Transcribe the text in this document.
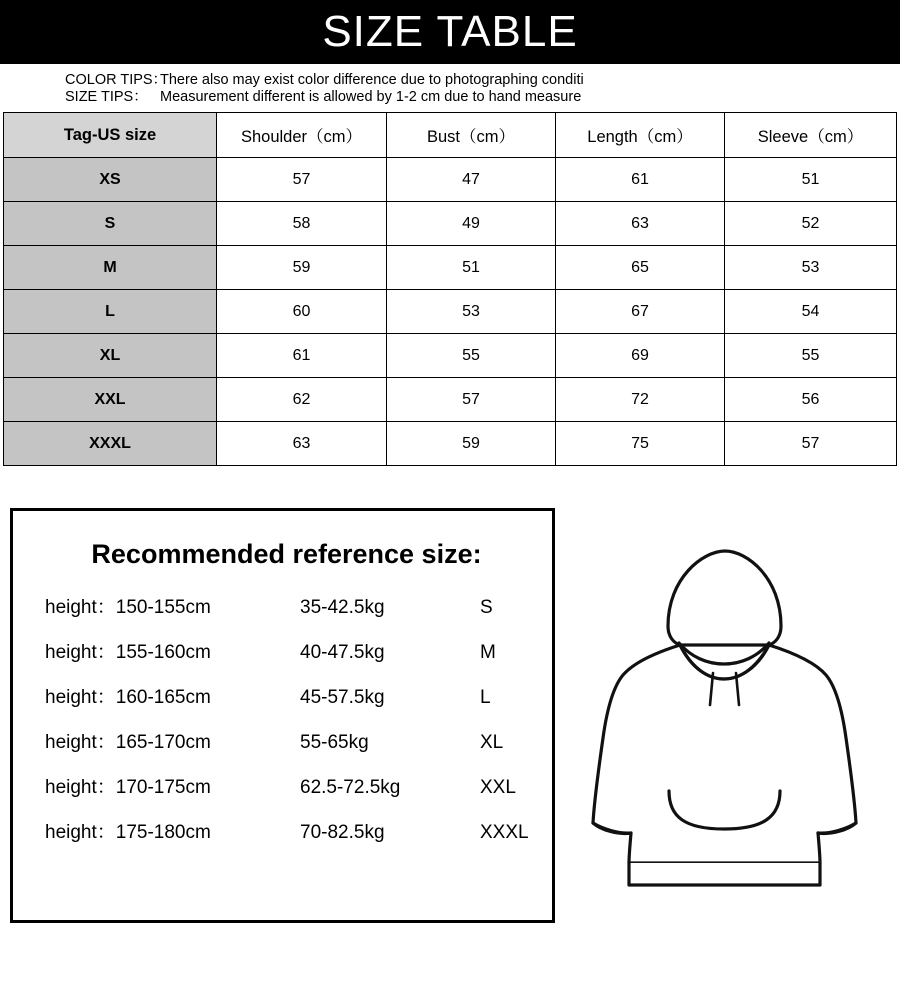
SIZE TABLE
COLOR TIPS：
There also may exist color difference due to photographing conditi
SIZE TIPS： Measurement different is allowed by 1-2 cm due to hand measure
Tag-US size	Shoulder（cm）	Bust（cm）	Length（cm）	Sleeve（cm）
XS	57	47	61	51
S	58	49	63	52
M	59	51	65	53
L	60	53	67	54
XL	61	55	69	55
XXL	62	57	72	56
XXXL	63	59	75	57
Recommended reference size:
height：150-155cm	35-42.5kg	S
height：155-160cm	40-47.5kg	M
height：160-165cm	45-57.5kg	L
height：165-170cm	55-65kg	XL
height：170-175cm	62.5-72.5kg	XXL
height：175-180cm	70-82.5kg	XXXL
